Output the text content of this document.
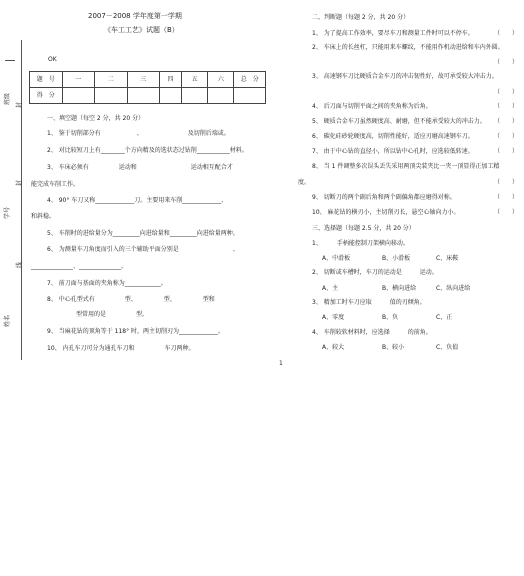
班级 封
封
学号
线
姓名
2007－2008 学年度第一学期
《车工工艺》试题（B）
OK
题　号	一	二	三	四	五	六	总　分
得　分							
一、填空题（每空 2 分，共 20 分）
1、 鉴于切削部分有　　　　　　、　　　　　　　　及切削后端或。
2、 对比较短刀上有________个方向精及的选状态过钻削___________材料。
3、 车床必须有　　　　　运动和　　　　　　　　　运动相互配合才
能完成车削工作。
4、 90° 车刀又称_____________刀。主要用来车削_____________、
和斜稳。
5、 车削时的进给量分为_________向进给量和_________向进给量两种。
6、 为测量车刀角度而引入的三个辅助平面分别是　　　　　　　　　、
______________、______________。
7、 前刀面与基面的夹角称为____________。
8、 中心孔型式有　　　　　型、　　　　　型、　　　　　型和
型常用的是　　　　　型。
9、 当麻花钻的顶角等于 118° 时，两主切削刃为_____________。
10、 内孔车刀可分为通孔车刀和　　　　　车刀两种。
1
二、判断题（每题 2 分，共 20 分）
1、 为了提高工作效率，要尽车刀和测量工件时可以不停车。	（　　）
2、 车床上的长丝杠，只能用来车螺纹，不能用作机动进给和车内外圆。
（　　）
3、 高速钢车刀比硬质合金车刀的冲击韧性好，故可承受较大冲击力。
（　　）
4、 后刀面与切削平面之间的夹角称为后角。	（　　）
5、 硬质合金车刀虽然硬度高、耐磨，但不能承受较大的冲击力。 （　　）
6、 碳化硅砂轮硬度高，切削性能好，适应刃磨高速钢车刀。	（　　）
7、 由于中心钻的直径小，所以钻中心孔时，应选较低转速。	（　　）
8、 当 1 件调整多次误头丢失采用两顶尖装夹比一夹一顶显得正加工精
度。	（　　）
9、 切断刀的两个副后角和两个副偏角都应磨得对称。	（　　）
10、 麻花钻的横刃小，主切削刃长，悬空心轴向力小。	（　　）
三、选择题（每题 2.5 分，共 20 分）
1、　　　手柄能控制刀架横向移动。
A、中滑板	B、小滑板	C、床鞍
2、 切断或车槽时，车刀的运动是　　　运动。
A、主	B、横向进给	C、纵向进给
3、 精加工时车刀应取　　　值的刃倾角。
A、零度	B、负	C、正
4、 车削较软材料时，应选择　　　的前角。
A、较大	B、较小	C、负值
